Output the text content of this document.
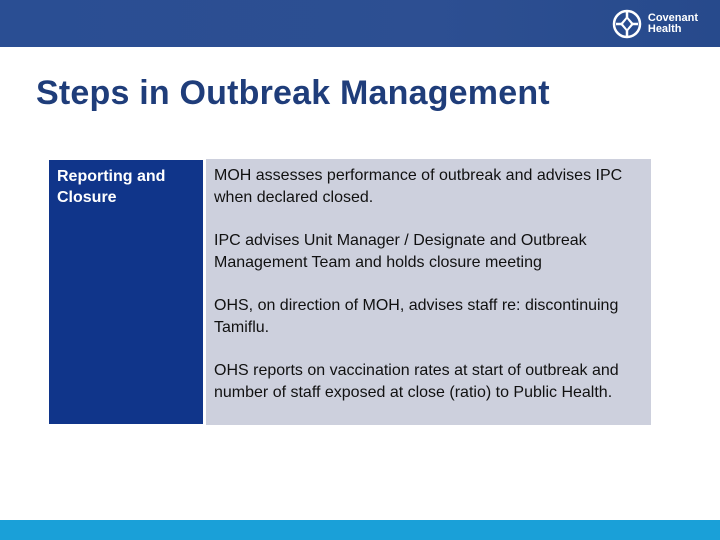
Covenant
Health
Steps in Outbreak Management
Reporting and Closure

MOH assesses performance of outbreak and advises IPC when declared closed.

IPC advises Unit Manager / Designate and Outbreak Management Team and holds closure meeting

OHS, on direction of MOH, advises staff re: discontinuing Tamiflu.

OHS reports on vaccination rates at start of outbreak and number of staff exposed at close (ratio) to Public Health.
